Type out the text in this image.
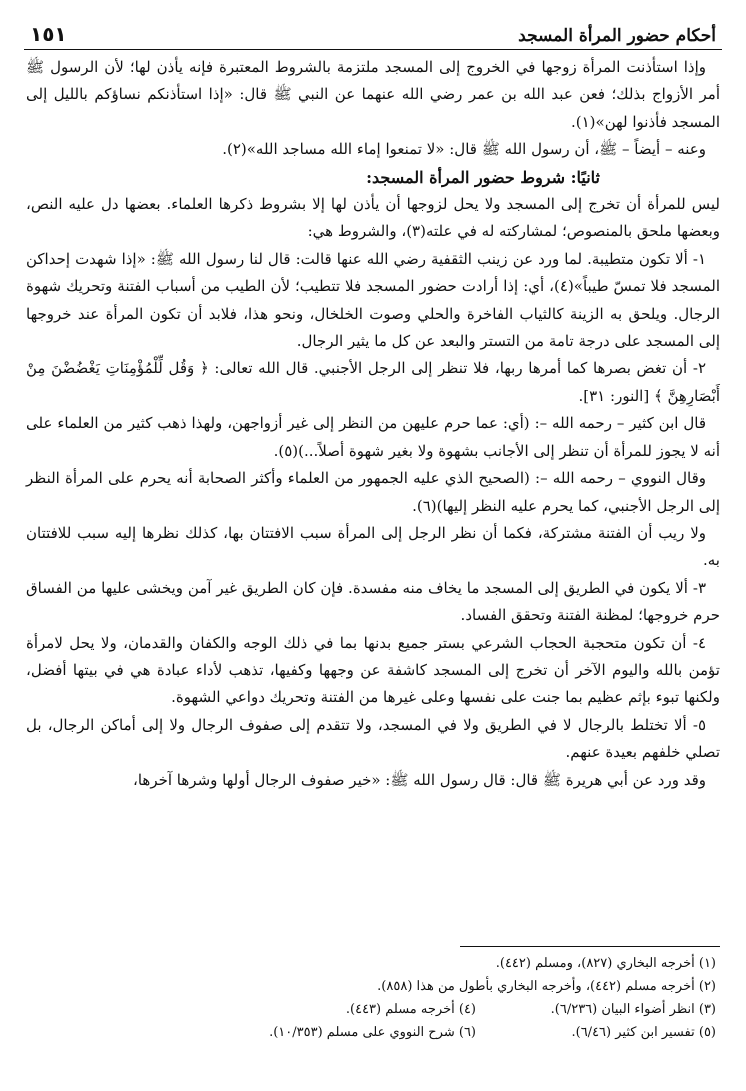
أحكام حضور المرأة المسجد
١٥١

وإذا استأذنت المرأة زوجها في الخروج إلى المسجد ملتزمة بالشروط المعتبرة فإنه يأذن لها؛ لأن الرسول ﷺ أمر الأزواج بذلك؛ فعن عبد الله بن عمر رضي الله عنهما عن النبي ﷺ قال: «إذا استأذنكم نساؤكم بالليل إلى المسجد فأذنوا لهن»(١).

وعنه – أيضاً – ﷺ، أن رسول الله ﷺ قال: «لا تمنعوا إماء الله مساجد الله»(٢).

ثانيًا: شروط حضور المرأة المسجد:

ليس للمرأة أن تخرج إلى المسجد ولا يحل لزوجها أن يأذن لها إلا بشروط ذكرها العلماء. بعضها دل عليه النص، وبعضها ملحق بالمنصوص؛ لمشاركته له في علته(٣)، والشروط هي:

١- ألا تكون متطيبة. لما ورد عن زينب الثقفية رضي الله عنها قالت: قال لنا رسول الله ﷺ: «إذا شهدت إحداكن المسجد فلا تمسّ طيباً»(٤)، أي: إذا أرادت حضور المسجد فلا تتطيب؛ لأن الطيب من أسباب الفتنة وتحريك شهوة الرجال. ويلحق به الزينة كالثياب الفاخرة والحلي وصوت الخلخال، ونحو هذا، فلابد أن تكون المرأة عند خروجها إلى المسجد على درجة تامة من التستر والبعد عن كل ما يثير الرجال.

٢- أن تغض بصرها كما أمرها ربها، فلا تنظر إلى الرجل الأجنبي. قال الله تعالى: ﴿ وَقُل لِّلْمُؤْمِنَاتِ يَغْضُضْنَ مِنْ أَبْصَارِهِنَّ ﴾ [النور: ٣١].

قال ابن كثير – رحمه الله –: (أي: عما حرم عليهن من النظر إلى غير أزواجهن، ولهذا ذهب كثير من العلماء على أنه لا يجوز للمرأة أن تنظر إلى الأجانب بشهوة ولا بغير شهوة أصلاً...)(٥).

وقال النووي – رحمه الله –: (الصحيح الذي عليه الجمهور من العلماء وأكثر الصحابة أنه يحرم على المرأة النظر إلى الرجل الأجنبي، كما يحرم عليه النظر إليها)(٦).

ولا ريب أن الفتنة مشتركة، فكما أن نظر الرجل إلى المرأة سبب الافتتان بها، كذلك نظرها إليه سبب للافتتان به.

٣- ألا يكون في الطريق إلى المسجد ما يخاف منه مفسدة. فإن كان الطريق غير آمن ويخشى عليها من الفساق حرم خروجها؛ لمظنة الفتنة وتحقق الفساد.

٤- أن تكون متحجبة الحجاب الشرعي بستر جميع بدنها بما في ذلك الوجه والكفان والقدمان، ولا يحل لامرأة تؤمن بالله واليوم الآخر أن تخرج إلى المسجد كاشفة عن وجهها وكفيها، تذهب لأداء عبادة هي في بيتها أفضل، ولكنها تبوء بإثم عظيم بما جنت على نفسها وعلى غيرها من الفتنة وتحريك دواعي الشهوة.

٥- ألا تختلط بالرجال لا في الطريق ولا في المسجد، ولا تتقدم إلى صفوف الرجال ولا إلى أماكن الرجال، بل تصلي خلفهم بعيدة عنهم.

وقد ورد عن أبي هريرة ﷺ قال: قال رسول الله ﷺ: «خير صفوف الرجال أولها وشرها آخرها،

(١) أخرجه البخاري (٨٢٧)، ومسلم (٤٤٢).
(٢) أخرجه مسلم (٤٤٢)، وأخرجه البخاري بأطول من هذا (٨٥٨).
(٣) انظر أضواء البيان (٦/٢٣٦).
(٤) أخرجه مسلم (٤٤٣).
(٥) تفسير ابن كثير (٦/٤٦).
(٦) شرح النووي على مسلم (١٠/٣٥٣).
